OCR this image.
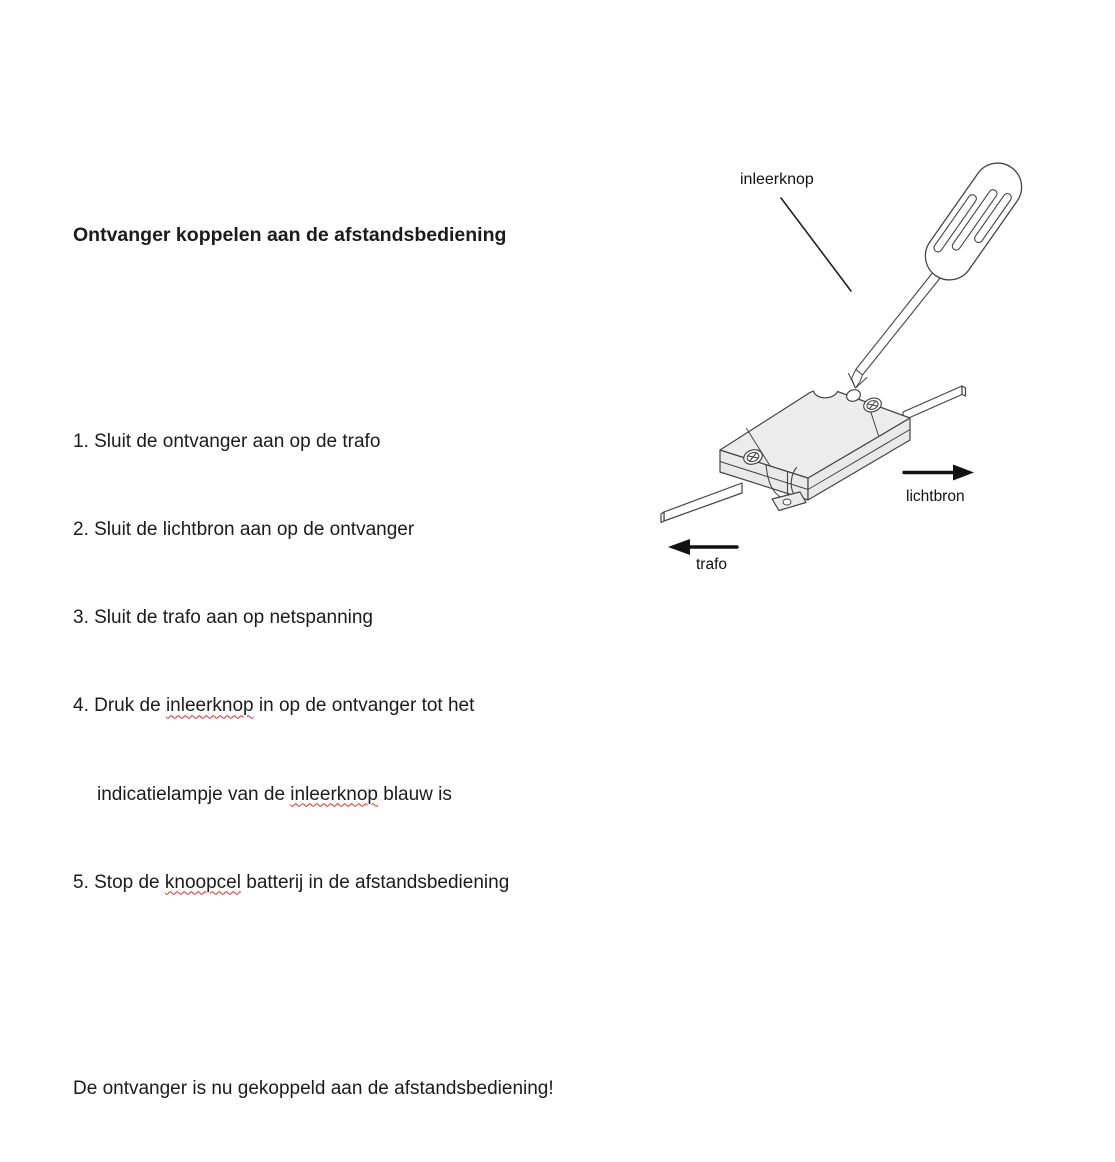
Ontvanger koppelen aan de afstandsbediening

1. Sluit de ontvanger aan op de trafo

2. Sluit de lichtbron aan op de ontvanger

3. Sluit de trafo aan op netspanning

4. Druk de inleerknop in op de ontvanger tot het

indicatielampje van de inleerknop blauw is

5. Stop de knoopcel batterij in de afstandsbediening

De ontvanger is nu gekoppeld aan de afstandsbediening!

inleerknop
lichtbron
trafo
